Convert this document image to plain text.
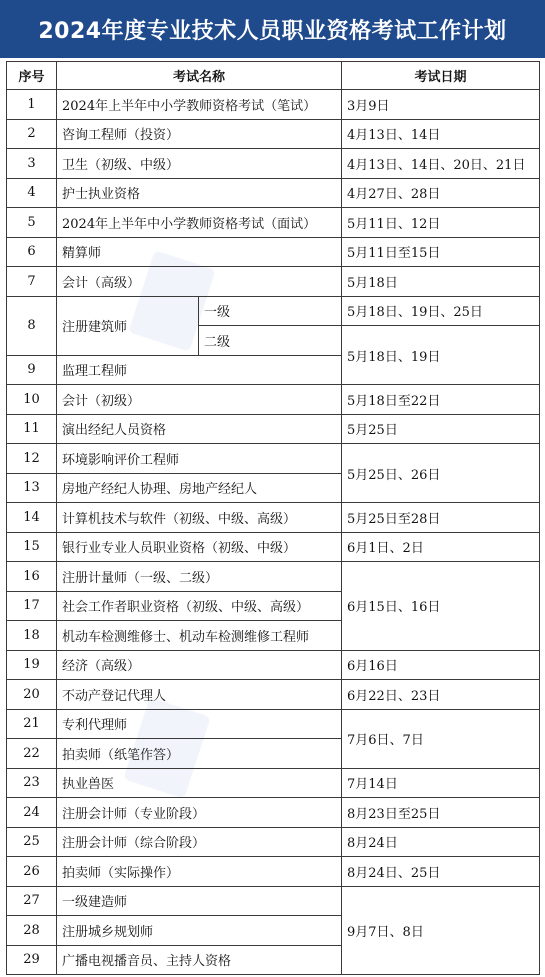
2024年度专业技术人员职业资格考试工作计划
序号	考试名称		考试日期
1	2024年上半年中小学教师资格考试（笔试）		3月9日
2	咨询工程师（投资）		4月13日、14日
3	卫生（初级、中级）		4月13日、14日、20日、21日
4	护士执业资格		4月27日、28日
5	2024年上半年中小学教师资格考试（面试）		5月11日、12日
6	精算师		5月11日至15日
7	会计（高级）		5月18日
8	注册建筑师	一级	5月18日、19日、25日
		二级	5月18日、19日
9	监理工程师		
10	会计（初级）		5月18日至22日
11	演出经纪人员资格		5月25日
12	环境影响评价工程师		5月25日、26日
13	房地产经纪人协理、房地产经纪人		
14	计算机技术与软件（初级、中级、高级）		5月25日至28日
15	银行业专业人员职业资格（初级、中级）		6月1日、2日
16	注册计量师（一级、二级）		6月15日、16日
17	社会工作者职业资格（初级、中级、高级）		
18	机动车检测维修士、机动车检测维修工程师		
19	经济（高级）		6月16日
20	不动产登记代理人		6月22日、23日
21	专利代理师		7月6日、7日
22	拍卖师（纸笔作答）		
23	执业兽医		7月14日
24	注册会计师（专业阶段）		8月23日至25日
25	注册会计师（综合阶段）		8月24日
26	拍卖师（实际操作）		8月24日、25日
27	一级建造师		9月7日、8日
28	注册城乡规划师		
29	广播电视播音员、主持人资格		
